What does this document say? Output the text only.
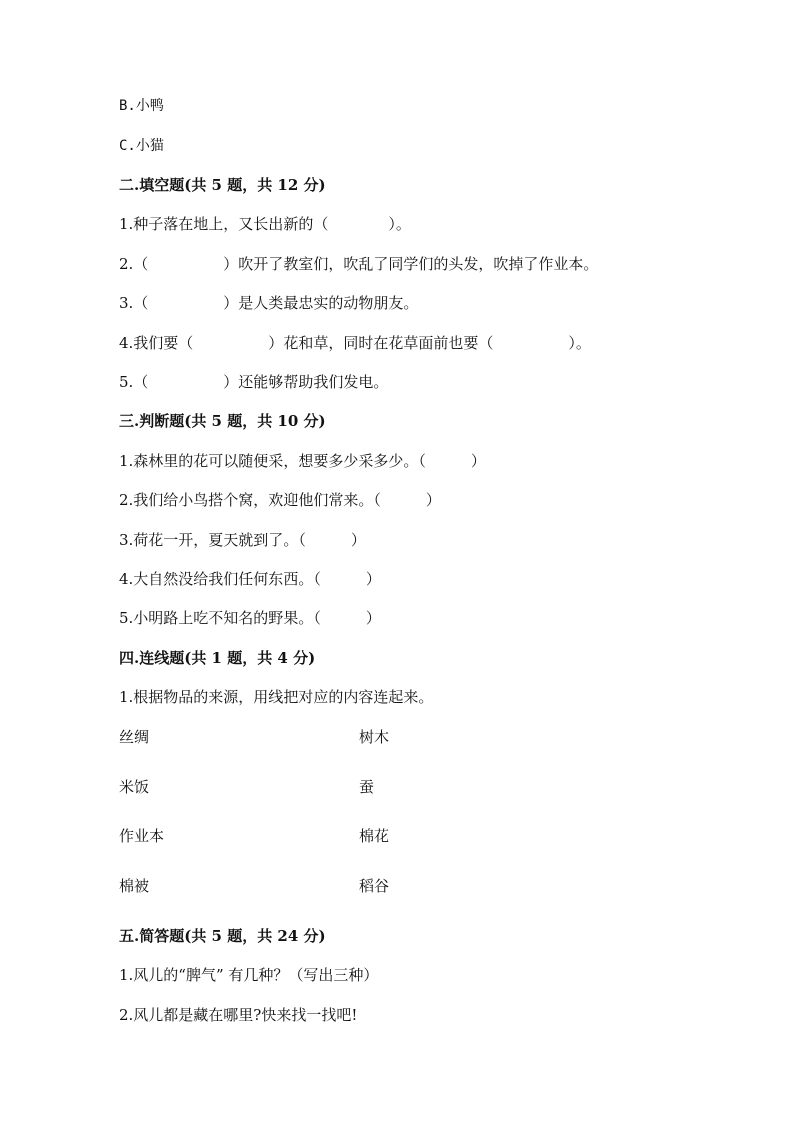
B.小鸭
C.小猫
二.填空题(共 5 题，共 12 分)
1.种子落在地上，又长出新的（　　　　）。
2.（　　　　　）吹开了教室们，吹乱了同学们的头发，吹掉了作业本。
3.（　　　　　）是人类最忠实的动物朋友。
4.我们要（　　　　　）花和草，同时在花草面前也要（　　　　　）。
5.（　　　　　）还能够帮助我们发电。
三.判断题(共 5 题，共 10 分)
1.森林里的花可以随便采，想要多少采多少。（　　　）
2.我们给小鸟搭个窝，欢迎他们常来。（　　　）
3.荷花一开，夏天就到了。（　　　）
4.大自然没给我们任何东西。（　　　）
5.小明路上吃不知名的野果。（　　　）
四.连线题(共 1 题，共 4 分)
1.根据物品的来源，用线把对应的内容连起来。
丝绸	树木
米饭	蚕
作业本	棉花
棉被	稻谷
五.简答题(共 5 题，共 24 分)
1.风儿的“脾气” 有几种？（写出三种）
2.风儿都是藏在哪里?快来找一找吧!
